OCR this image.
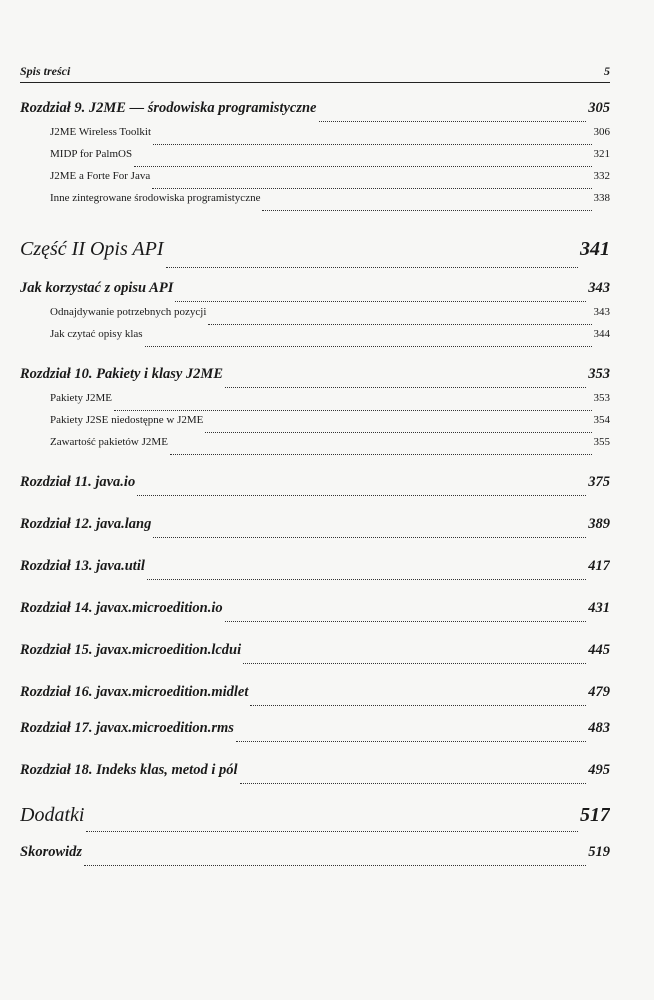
Spis treści	5
Rozdział 9. J2ME — środowiska programistyczne	305
J2ME Wireless Toolkit	306
MIDP for PalmOS	321
J2ME a Forte For Java	332
Inne zintegrowane środowiska programistyczne	338
Część II Opis API	341
Jak korzystać z opisu API	343
Odnajdywanie potrzebnych pozycji	343
Jak czytać opisy klas	344
Rozdział 10. Pakiety i klasy J2ME	353
Pakiety J2ME	353
Pakiety J2SE niedostępne w J2ME	354
Zawartość pakietów J2ME	355
Rozdział 11. java.io	375
Rozdział 12. java.lang	389
Rozdział 13. java.util	417
Rozdział 14. javax.microedition.io	431
Rozdział 15. javax.microedition.lcdui	445
Rozdział 16. javax.microedition.midlet	479
Rozdział 17. javax.microedition.rms	483
Rozdział 18. Indeks klas, metod i pól	495
Dodatki	517
Skorowidz	519
